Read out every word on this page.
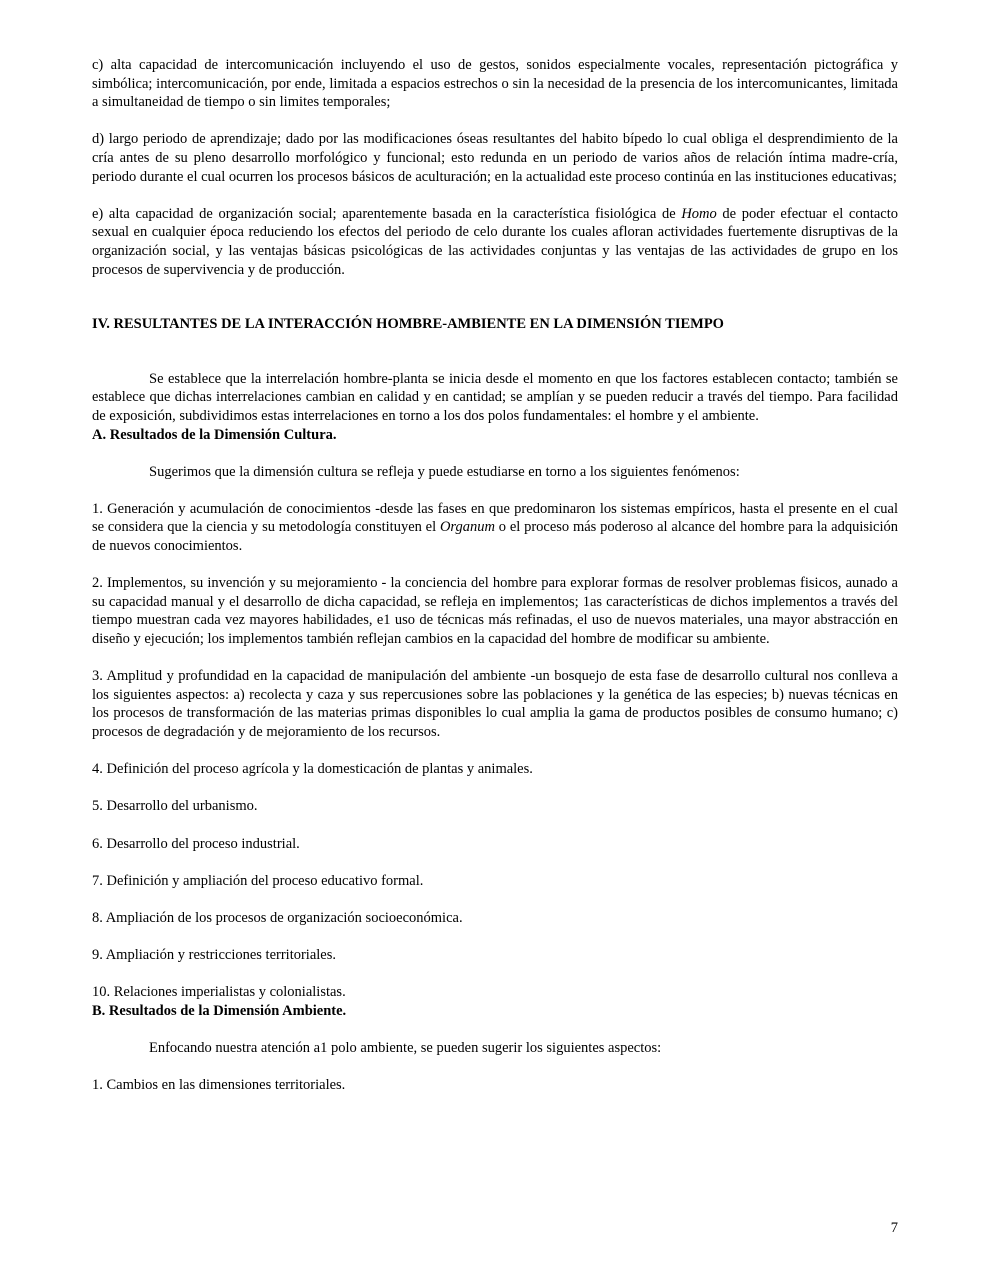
c) alta capacidad de intercomunicación incluyendo el uso de gestos, sonidos especialmente vocales, representación pictográfica y simbólica; intercomunicación, por ende, limitada a espacios estrechos o sin la necesidad de la presencia de los intercomunicantes, limitada a simultaneidad de tiempo o sin limites temporales;

d) largo periodo de aprendizaje; dado por las modificaciones óseas resultantes del habito bípedo lo cual obliga el desprendimiento de la cría antes de su pleno desarrollo morfológico y funcional; esto redunda en un periodo de varios años de relación íntima madre-cría, periodo durante el cual ocurren los procesos básicos de aculturación; en la actualidad este proceso continúa en las instituciones educativas;

e) alta capacidad de organización social; aparentemente basada en la característica fisiológica de Homo de poder efectuar el contacto sexual en cualquier época reduciendo los efectos del periodo de celo durante los cuales afloran actividades fuertemente disruptivas de la organización social, y las ventajas básicas psicológicas de las actividades conjuntas y las ventajas de las actividades de grupo en los procesos de supervivencia y de producción.

IV. RESULTANTES DE LA INTERACCIÓN HOMBRE-AMBIENTE EN LA DIMENSIÓN TIEMPO

Se establece que la interrelación hombre-planta se inicia desde el momento en que los factores establecen contacto; también se establece que dichas interrelaciones cambian en calidad y en cantidad; se amplían y se pueden reducir a través del tiempo. Para facilidad de exposición, subdividimos estas interrelaciones en torno a los dos polos fundamentales: el hombre y el ambiente.

A. Resultados de la Dimensión Cultura.

Sugerimos que la dimensión cultura se refleja y puede estudiarse en torno a los siguientes fenómenos:

1. Generación y acumulación de conocimientos -desde las fases en que predominaron los sistemas empíricos, hasta el presente en el cual se considera que la ciencia y su metodología constituyen el Organum o el proceso más poderoso al alcance del hombre para la adquisición de nuevos conocimientos.

2. Implementos, su invención y su mejoramiento - la conciencia del hombre para explorar formas de resolver problemas fisicos, aunado a su capacidad manual y el desarrollo de dicha capacidad, se refleja en implementos; 1as características de dichos implementos a través del tiempo muestran cada vez mayores habilidades, e1 uso de técnicas más refinadas, el uso de nuevos materiales, una mayor abstracción en diseño y ejecución; los implementos también reflejan cambios en la capacidad del hombre de modificar su ambiente.

3. Amplitud y profundidad en la capacidad de manipulación del ambiente -un bosquejo de esta fase de desarrollo cultural nos conlleva a los siguientes aspectos: a) recolecta y caza y sus repercusiones sobre las poblaciones y la genética de las especies; b) nuevas técnicas en los procesos de transformación de las materias primas disponibles lo cual amplia la gama de productos posibles de consumo humano; c) procesos de degradación y de mejoramiento de los recursos.

4. Definición del proceso agrícola y la domesticación de plantas y animales.

5. Desarrollo del urbanismo.

6. Desarrollo del proceso industrial.

7. Definición y ampliación del proceso educativo formal.

8. Ampliación de los procesos de organización socioeconómica.

9. Ampliación y restricciones territoriales.

10. Relaciones imperialistas y colonialistas.

B. Resultados de la Dimensión Ambiente.

Enfocando nuestra atención a1 polo ambiente, se pueden sugerir los siguientes aspectos:

1. Cambios en las dimensiones territoriales.

7
